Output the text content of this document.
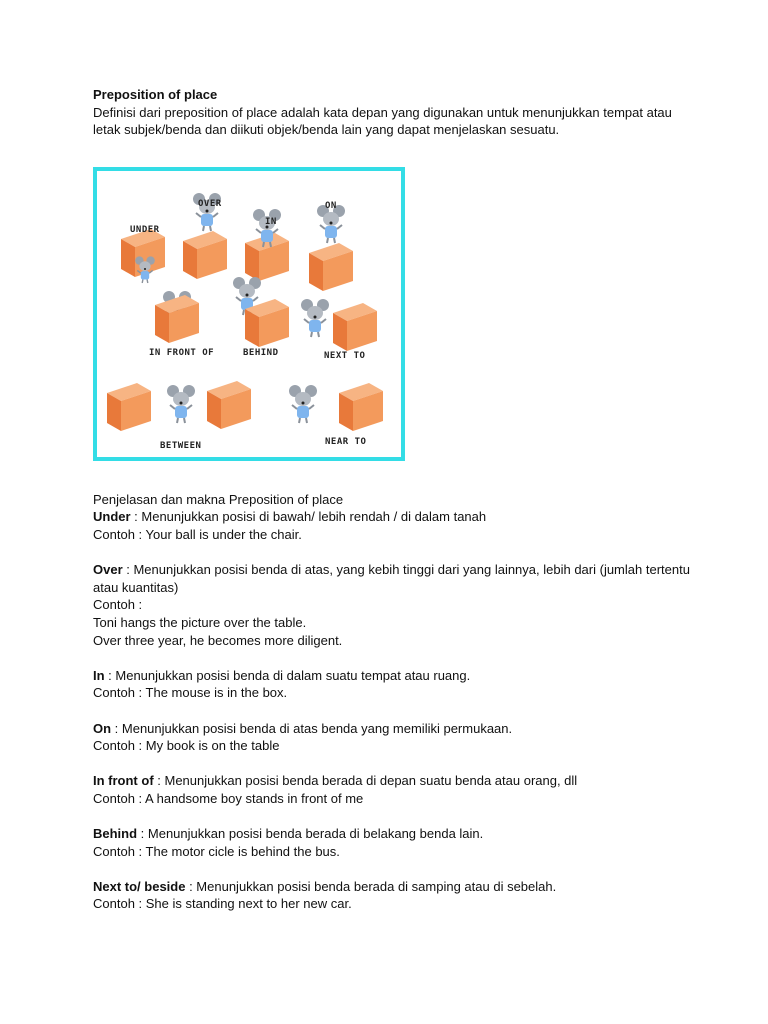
Preposition of place

Definisi dari preposition of place adalah kata depan yang digunakan untuk menunjukkan tempat atau letak subjek/benda dan diikuti objek/benda lain yang dapat menjelaskan sesuatu.

UNDER
OVER
IN
ON
IN FRONT OF	BEHIND	NEXT TO
BETWEEN	NEAR TO

Penjelasan dan makna Preposition of place

Under : Menunjukkan posisi di bawah/ lebih rendah / di dalam tanah

Contoh : Your ball is under the chair.

Over : Menunjukkan posisi benda di atas, yang kebih tinggi dari yang lainnya, lebih dari (jumlah tertentu atau kuantitas)

Contoh :

Toni hangs the picture over the table.

Over three year, he becomes more diligent.

In : Menunjukkan posisi benda di dalam suatu tempat atau ruang.

Contoh : The mouse is in the box.

On : Menunjukkan posisi benda di atas benda yang memiliki permukaan.

Contoh : My book is on the table

In front of : Menunjukkan posisi benda berada di depan suatu benda atau orang, dll

Contoh : A handsome boy stands in front of me

Behind : Menunjukkan posisi benda berada di belakang benda lain.

Contoh : The motor cicle is behind the bus.

Next to/ beside : Menunjukkan posisi benda berada di samping atau di sebelah.

Contoh : She is standing next to her new car.
